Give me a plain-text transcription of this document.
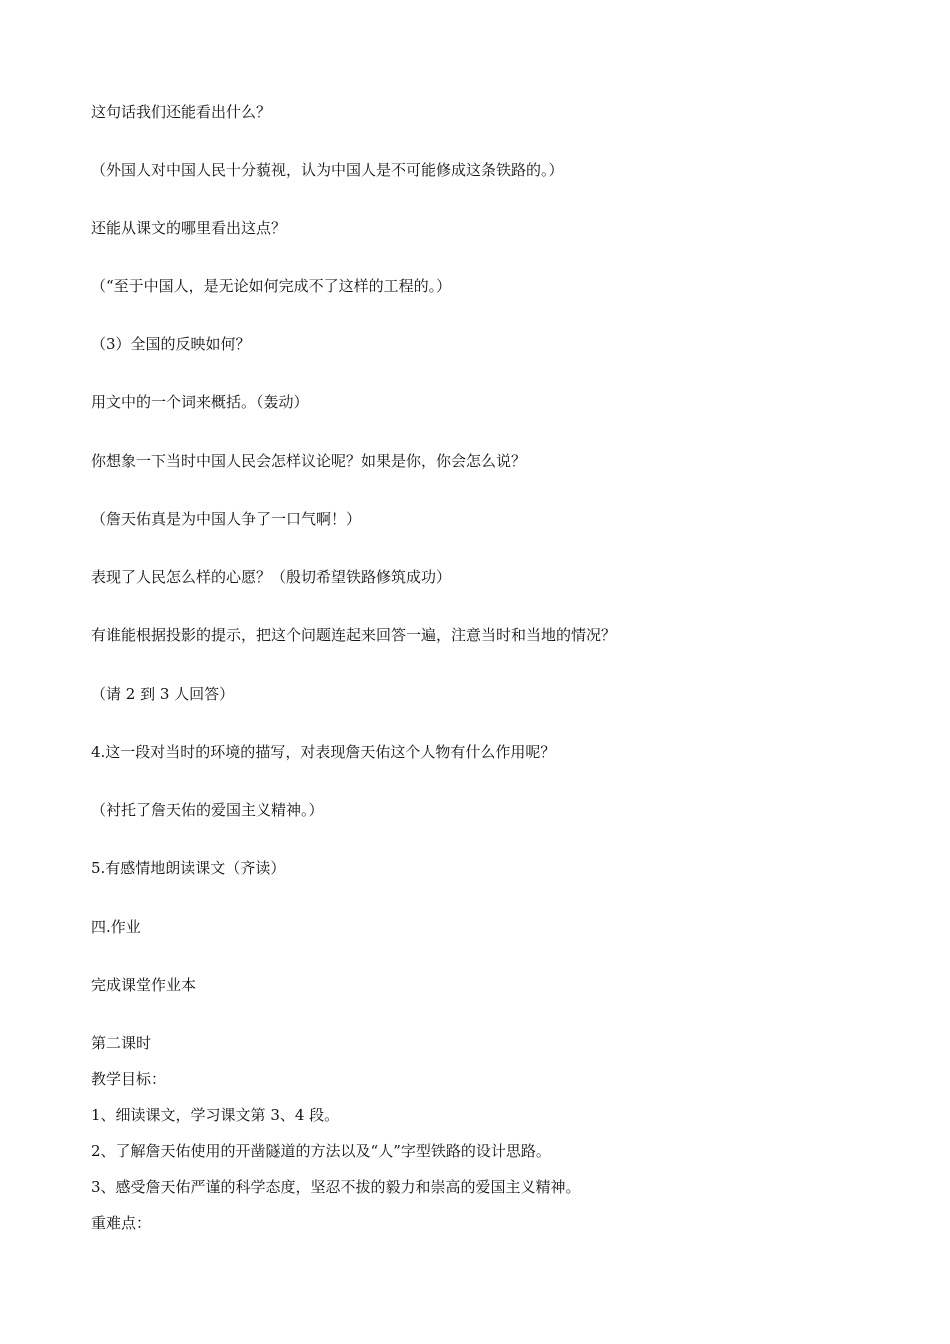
这句话我们还能看出什么？
（外国人对中国人民十分藐视，认为中国人是不可能修成这条铁路的。）
还能从课文的哪里看出这点？
（“至于中国人，是无论如何完成不了这样的工程的。）
（3）全国的反映如何？
用文中的一个词来概括。（轰动）
你想象一下当时中国人民会怎样议论呢？如果是你，你会怎么说？
（詹天佑真是为中国人争了一口气啊！）
表现了人民怎么样的心愿？（殷切希望铁路修筑成功）
有谁能根据投影的提示，把这个问题连起来回答一遍，注意当时和当地的情况？
（请 2 到 3 人回答）
4.这一段对当时的环境的描写，对表现詹天佑这个人物有什么作用呢？
（衬托了詹天佑的爱国主义精神。）
5.有感情地朗读课文（齐读）
四.作业
完成课堂作业本
第二课时
教学目标：
1、细读课文，学习课文第 3、4 段。
2、了解詹天佑使用的开凿隧道的方法以及“人”字型铁路的设计思路。
3、感受詹天佑严谨的科学态度，坚忍不拔的毅力和崇高的爱国主义精神。
重难点：
